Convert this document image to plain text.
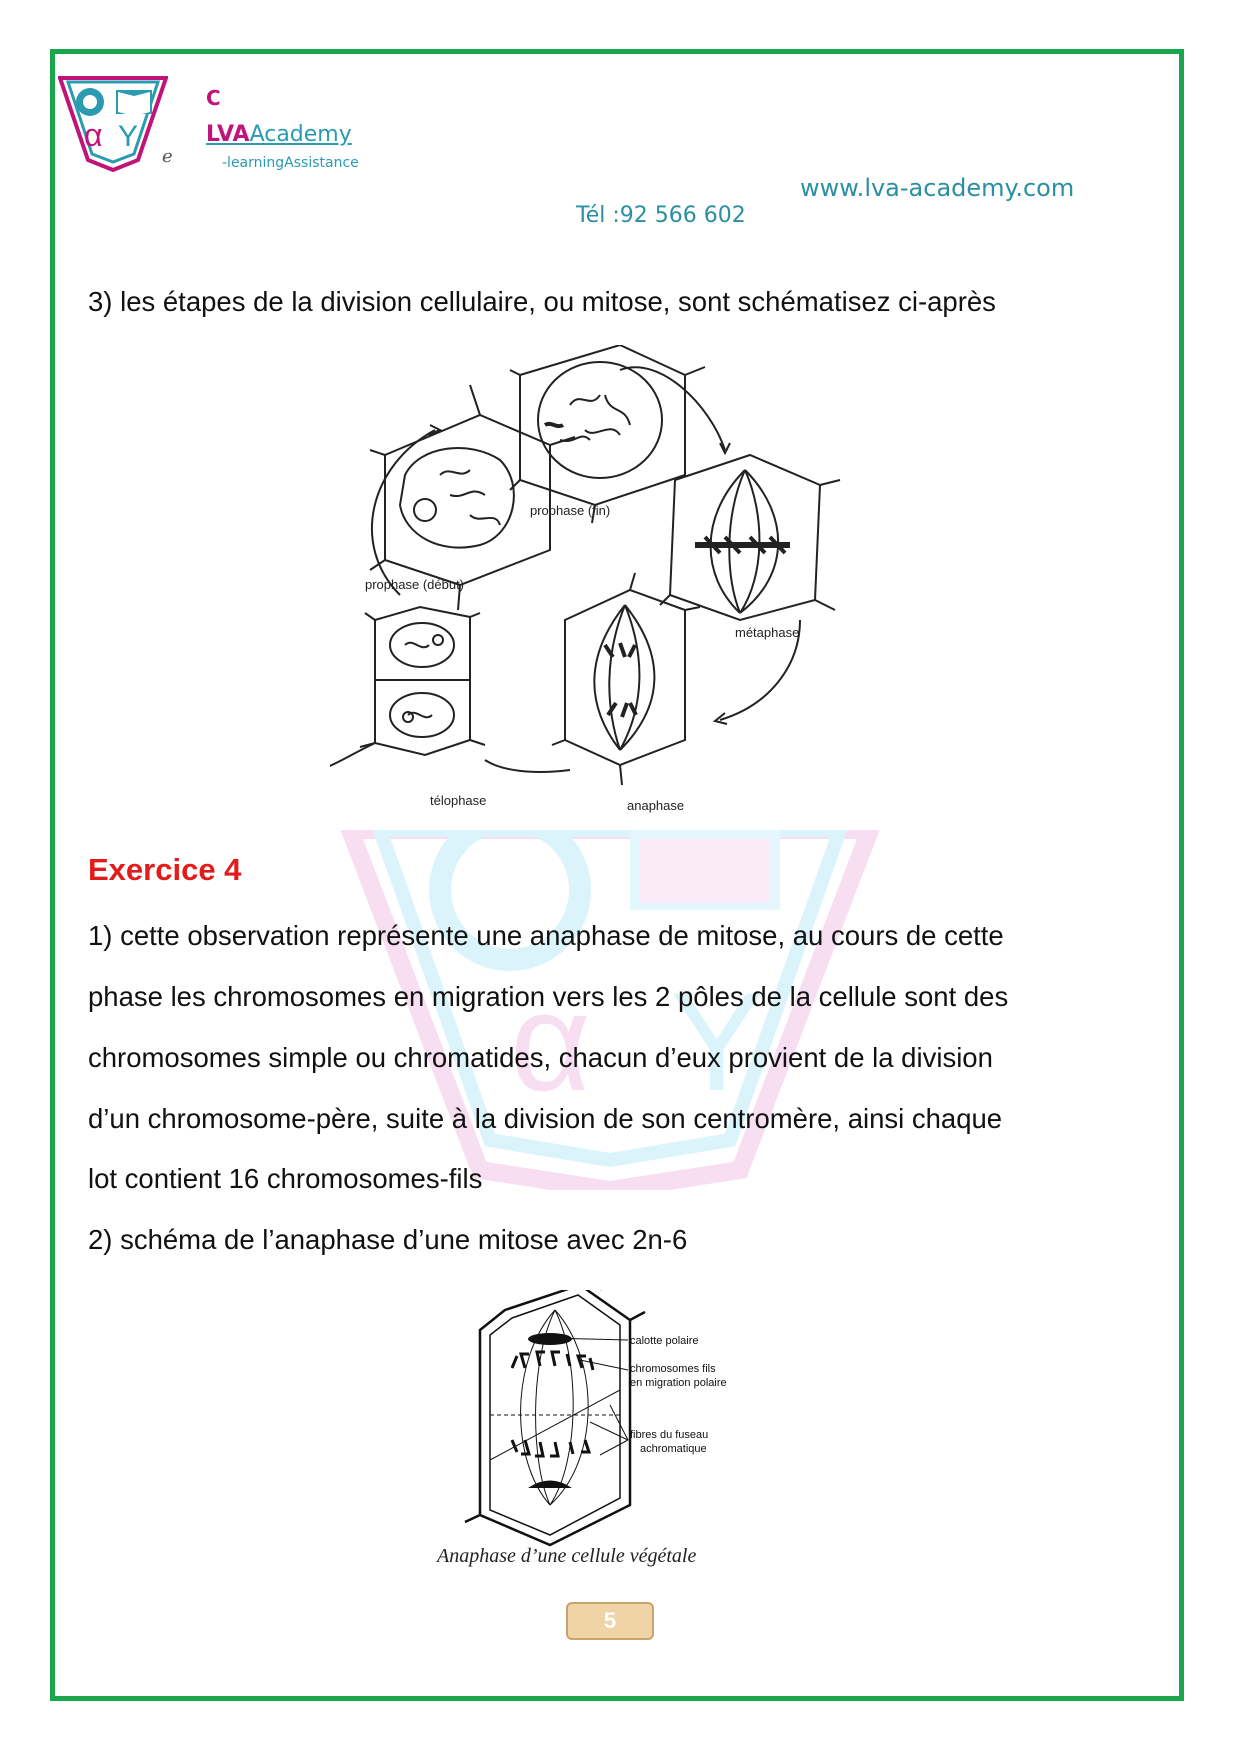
α Y
α Y
e
C
LVAAcademy
-learningAssistance
www.lva-academy.com
Tél :92 566 602
3) les étapes de la division cellulaire, ou mitose, sont schématisez ci-après
prophase (début)
prophase (fin)
métaphase
anaphase
télophase
Exercice 4
1) cette observation représente une anaphase de mitose, au cours de cette
phase les chromosomes en migration vers les 2 pôles de la cellule sont des
chromosomes simple ou chromatides, chacun d’eux provient de la division
d’un chromosome-père, suite à la division de son centromère, ainsi chaque
lot contient 16 chromosomes-fils
2) schéma de l’anaphase d’une mitose avec 2n-6
calotte polaire
chromosomes fils
en migration polaire
fibres du fuseau
achromatique
Anaphase d’une cellule végétale
5
